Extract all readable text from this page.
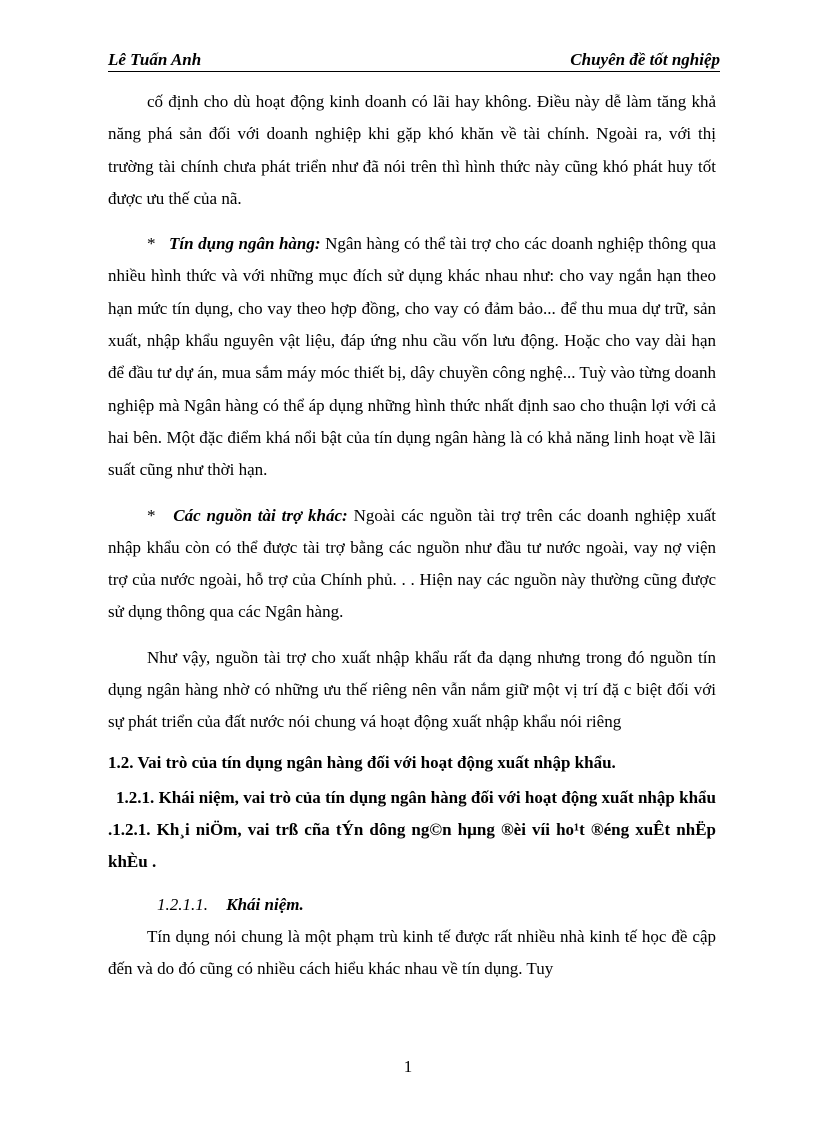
Lê Tuấn Anh	Chuyên đề tốt nghiệp

cố định cho dù hoạt động kinh doanh có lãi hay không. Điều này dễ làm tăng khả năng phá sản đối với doanh nghiệp khi gặp khó khăn về tài chính. Ngoài ra, với thị trường tài chính chưa phát triển như đã nói trên thì hình thức này cũng khó phát huy tốt được ưu thế của nã.

* Tín dụng ngân hàng: Ngân hàng có thể tài trợ cho các doanh nghiệp thông qua nhiều hình thức và với những mục đích sử dụng khác nhau như: cho vay ngắn hạn theo hạn mức tín dụng, cho vay theo hợp đồng, cho vay có đảm bảo... để thu mua dự trữ, sản xuất, nhập khẩu nguyên vật liệu, đáp ứng nhu cầu vốn lưu động. Hoặc cho vay dài hạn để đầu tư dự án, mua sắm máy móc thiết bị, dây chuyền công nghệ... Tuỳ vào từng doanh nghiệp mà Ngân hàng có thể áp dụng những hình thức nhất định sao cho thuận lợi với cả hai bên. Một đặc điểm khá nổi bật của tín dụng ngân hàng là có khả năng linh hoạt về lãi suất cũng như thời hạn.

* Các nguồn tài trợ khác: Ngoài các nguồn tài trợ trên các doanh nghiệp xuất nhập khẩu còn có thể được tài trợ bằng các nguồn như đầu tư nước ngoài, vay nợ viện trợ của nước ngoài, hỗ trợ của Chính phủ. . . Hiện nay các nguồn này thường cũng được sử dụng thông qua các Ngân hàng.

Như vậy, nguồn tài trợ cho xuất nhập khẩu rất đa dạng nhưng trong đó nguồn tín dụng ngân hàng nhờ có những ưu thế riêng nên vẫn nắm giữ một vị trí đặ c biệt đối với sự phát triển của đất nước nói chung vá hoạt động xuất nhập khẩu nói riêng

1.2. Vai trò của tín dụng ngân hàng đối với hoạt động xuất nhập khẩu.
1.2.1. Khái niệm, vai trò của tín dụng ngân hàng đối với hoạt động xuất nhập khẩu .1.2.1. Kh¸i niÖm, vai trß cña tÝn dông ng©n hµng ®èi víi ho¹t ®éng xuÊt nhËp khÈu .
1.2.1.1. Khái niệm.

Tín dụng nói chung là một phạm trù kinh tế được rất nhiều nhà kinh tế học đề cập đến và do đó cũng có nhiều cách hiểu khác nhau về tín dụng. Tuy

1
